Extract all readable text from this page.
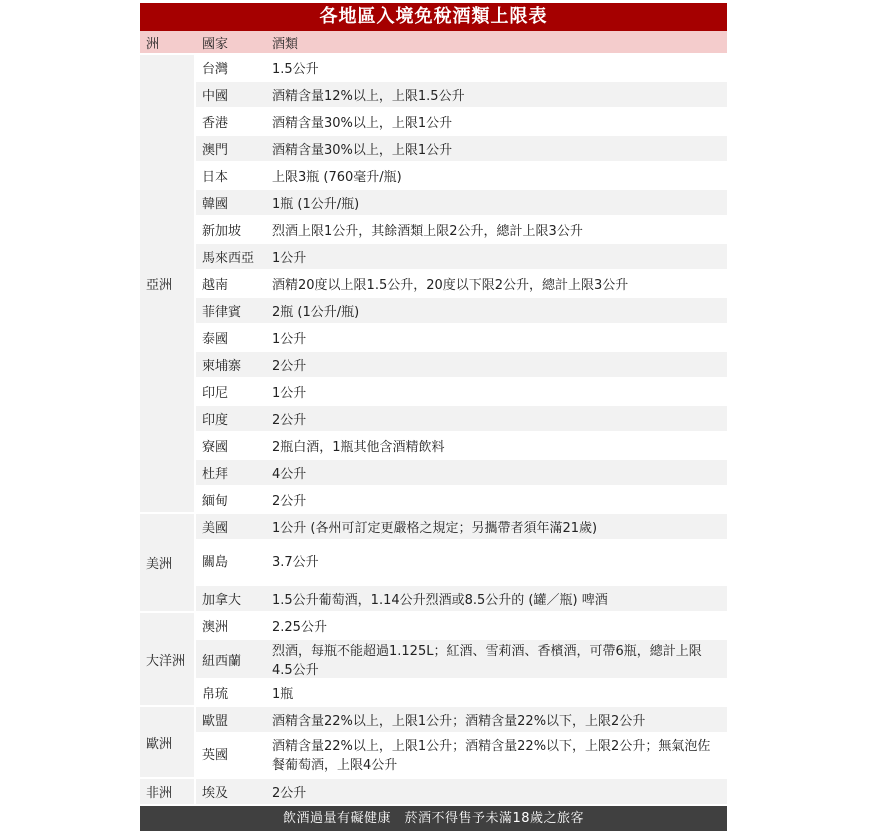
各地區入境免稅酒類上限表
洲	國家	酒類
亞洲	台灣	1.5公升
	中國	酒精含量12%以上，上限1.5公升
	香港	酒精含量30%以上，上限1公升
	澳門	酒精含量30%以上，上限1公升
	日本	上限3瓶 (760毫升/瓶)
	韓國	1瓶 (1公升/瓶)
	新加坡	烈酒上限1公升，其餘酒類上限2公升，總計上限3公升
	馬來西亞	1公升
	越南	酒精20度以上限1.5公升，20度以下限2公升，總計上限3公升
	菲律賓	2瓶 (1公升/瓶)
	泰國	1公升
	柬埔寨	2公升
	印尼	1公升
	印度	2公升
	寮國	2瓶白酒，1瓶其他含酒精飲料
	杜拜	4公升
	緬甸	2公升
美洲	美國	1公升 (各州可訂定更嚴格之規定；另攜帶者須年滿21歲)
	關島	3.7公升
	加拿大	1.5公升葡萄酒，1.14公升烈酒或8.5公升的 (罐／瓶) 啤酒
大洋洲	澳洲	2.25公升
	紐西蘭	烈酒，每瓶不能超過1.125L；紅酒、雪莉酒、香檳酒，可帶6瓶，總計上限4.5公升
	帛琉	1瓶
歐洲	歐盟	酒精含量22%以上，上限1公升；酒精含量22%以下，上限2公升
	英國	酒精含量22%以上，上限1公升；酒精含量22%以下，上限2公升；無氣泡佐餐葡萄酒，上限4公升
非洲	埃及	2公升
飲酒過量有礙健康　菸酒不得售予未滿18歲之旅客
